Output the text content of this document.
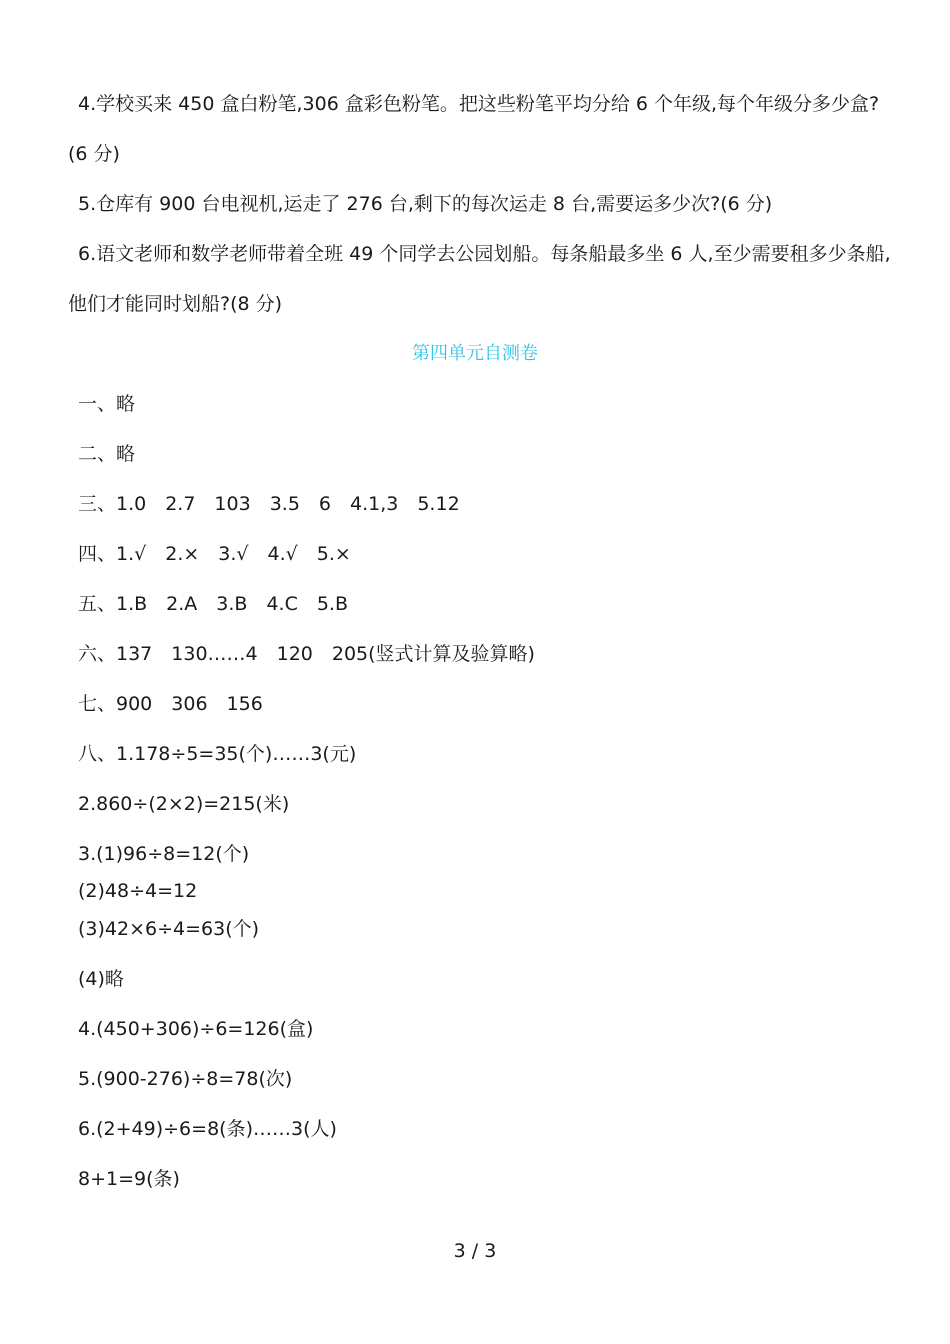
4.学校买来 450 盒白粉笔,306 盒彩色粉笔。把这些粉笔平均分给 6 个年级,每个年级分多少盒?
(6 分)
5.仓库有 900 台电视机,运走了 276 台,剩下的每次运走 8 台,需要运多少次?(6 分)
6.语文老师和数学老师带着全班 49 个同学去公园划船。每条船最多坐 6 人,至少需要租多少条船,
他们才能同时划船?(8 分)
第四单元自测卷
一、略
二、略
三、1.0　2.7　103　3.5　6　4.1,3　5.12
四、1.√　2.×　3.√　4.√　5.×
五、1.B　2.A　3.B　4.C　5.B
六、137　130……4　120　205(竖式计算及验算略)
七、900　306　156
八、1.178÷5=35(个)……3(元)
2.860÷(2×2)=215(米)
3.(1)96÷8=12(个)
(2)48÷4=12
(3)42×6÷4=63(个)
(4)略
4.(450+306)÷6=126(盒)
5.(900-276)÷8=78(次)
6.(2+49)÷6=8(条)……3(人)
8+1=9(条)
3 / 3
